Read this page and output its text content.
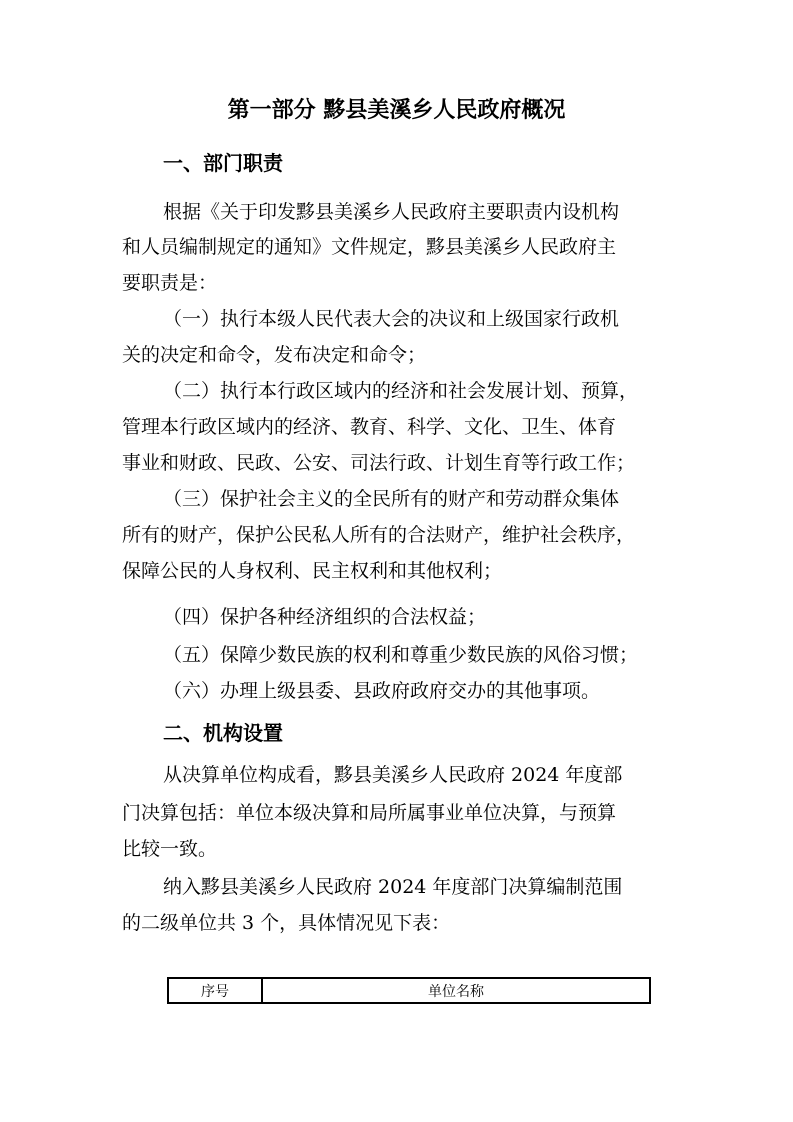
第一部分 黟县美溪乡人民政府概况
一、部门职责
根据《关于印发黟县美溪乡人民政府主要职责内设机构
和人员编制规定的通知》文件规定，黟县美溪乡人民政府主
要职责是：
（一）执行本级人民代表大会的决议和上级国家行政机
关的决定和命令，发布决定和命令；
（二）执行本行政区域内的经济和社会发展计划、预算，
管理本行政区域内的经济、教育、科学、文化、卫生、体育
事业和财政、民政、公安、司法行政、计划生育等行政工作；
（三）保护社会主义的全民所有的财产和劳动群众集体
所有的财产，保护公民私人所有的合法财产，维护社会秩序，
保障公民的人身权利、民主权利和其他权利；
（四）保护各种经济组织的合法权益；
（五）保障少数民族的权利和尊重少数民族的风俗习惯；
（六）办理上级县委、县政府政府交办的其他事项。
二、机构设置
从决算单位构成看，黟县美溪乡人民政府 2024 年度部
门决算包括：单位本级决算和局所属事业单位决算，与预算
比较一致。
纳入黟县美溪乡人民政府 2024 年度部门决算编制范围
的二级单位共 3 个，具体情况见下表：
序号	单位名称
